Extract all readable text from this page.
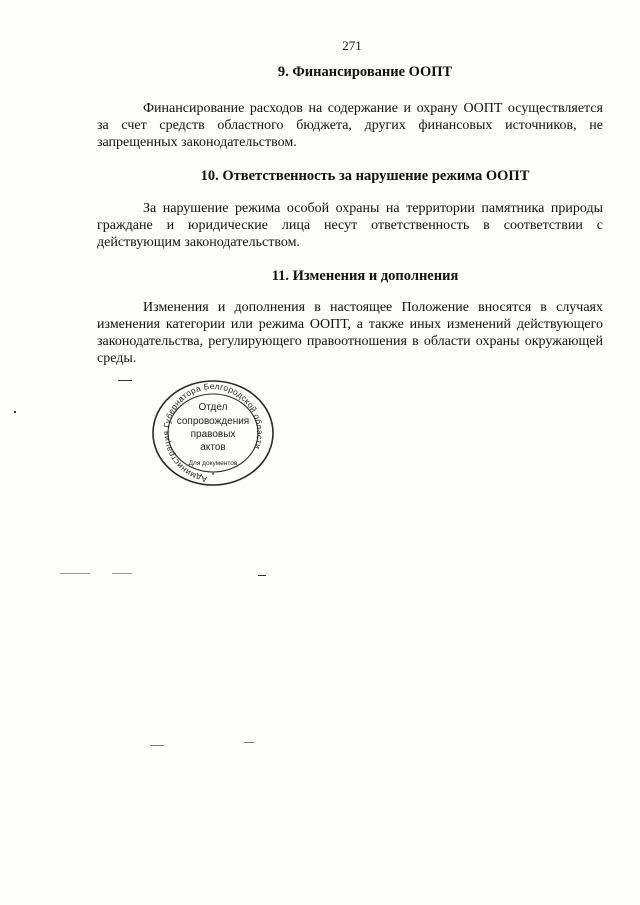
271
9. Финансирование ООПТ

Финансирование расходов на содержание и охрану ООПТ осуществляется за счет средств областного бюджета, других финансовых источников, не запрещенных законодательством.

10. Ответственность за нарушение режима ООПТ

За нарушение режима особой охраны на территории памятника природы граждане и юридические лица несут ответственность в соответствии с действующим законодательством.

11. Изменения и дополнения

Изменения и дополнения в настоящее Положение вносятся в случаях изменения категории или режима ООПТ, а также иных изменений действующего законодательства, регулирующего правоотношения в области охраны окружающей среды.

Администрация Губернатора Белгородской области
Отдел
сопровождения
правовых
актов
Для документов
*
